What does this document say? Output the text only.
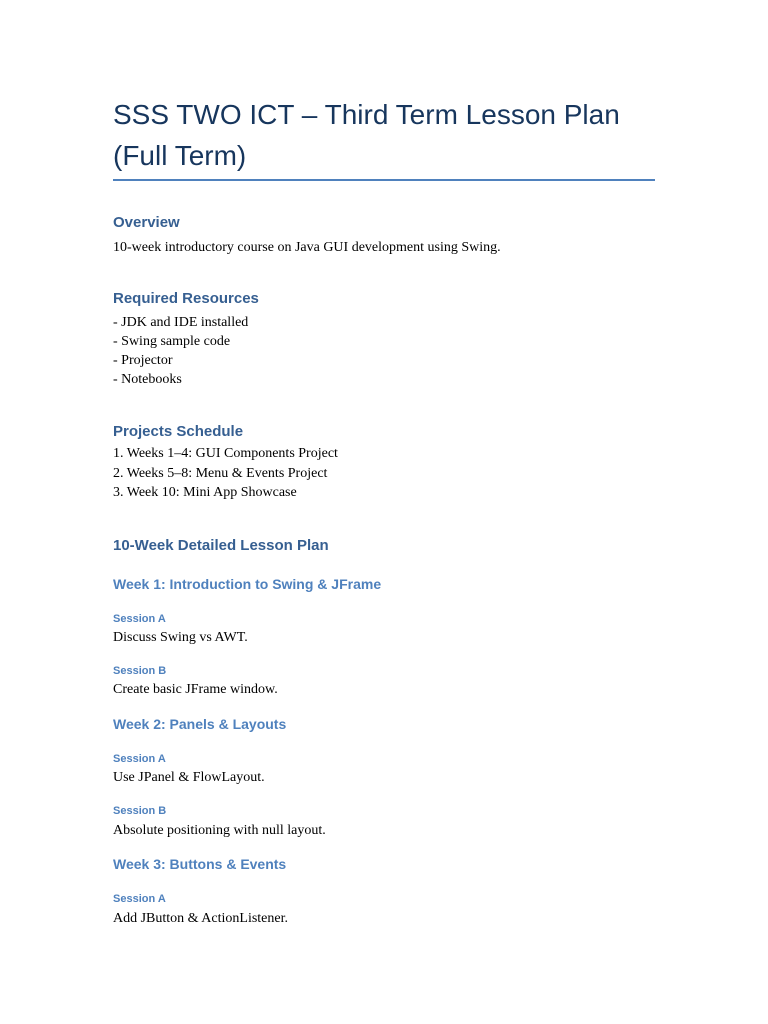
SSS TWO ICT – Third Term Lesson Plan (Full Term)
Overview

10-week introductory course on Java GUI development using Swing.

Required Resources
- JDK and IDE installed
- Swing sample code
- Projector
- Notebooks
Projects Schedule
1. Weeks 1–4: GUI Components Project
2. Weeks 5–8: Menu & Events Project
3. Week 10: Mini App Showcase
10-Week Detailed Lesson Plan
Week 1: Introduction to Swing & JFrame
Session A

Discuss Swing vs AWT.

Session B

Create basic JFrame window.

Week 2: Panels & Layouts
Session A

Use JPanel & FlowLayout.

Session B

Absolute positioning with null layout.

Week 3: Buttons & Events
Session A

Add JButton & ActionListener.
